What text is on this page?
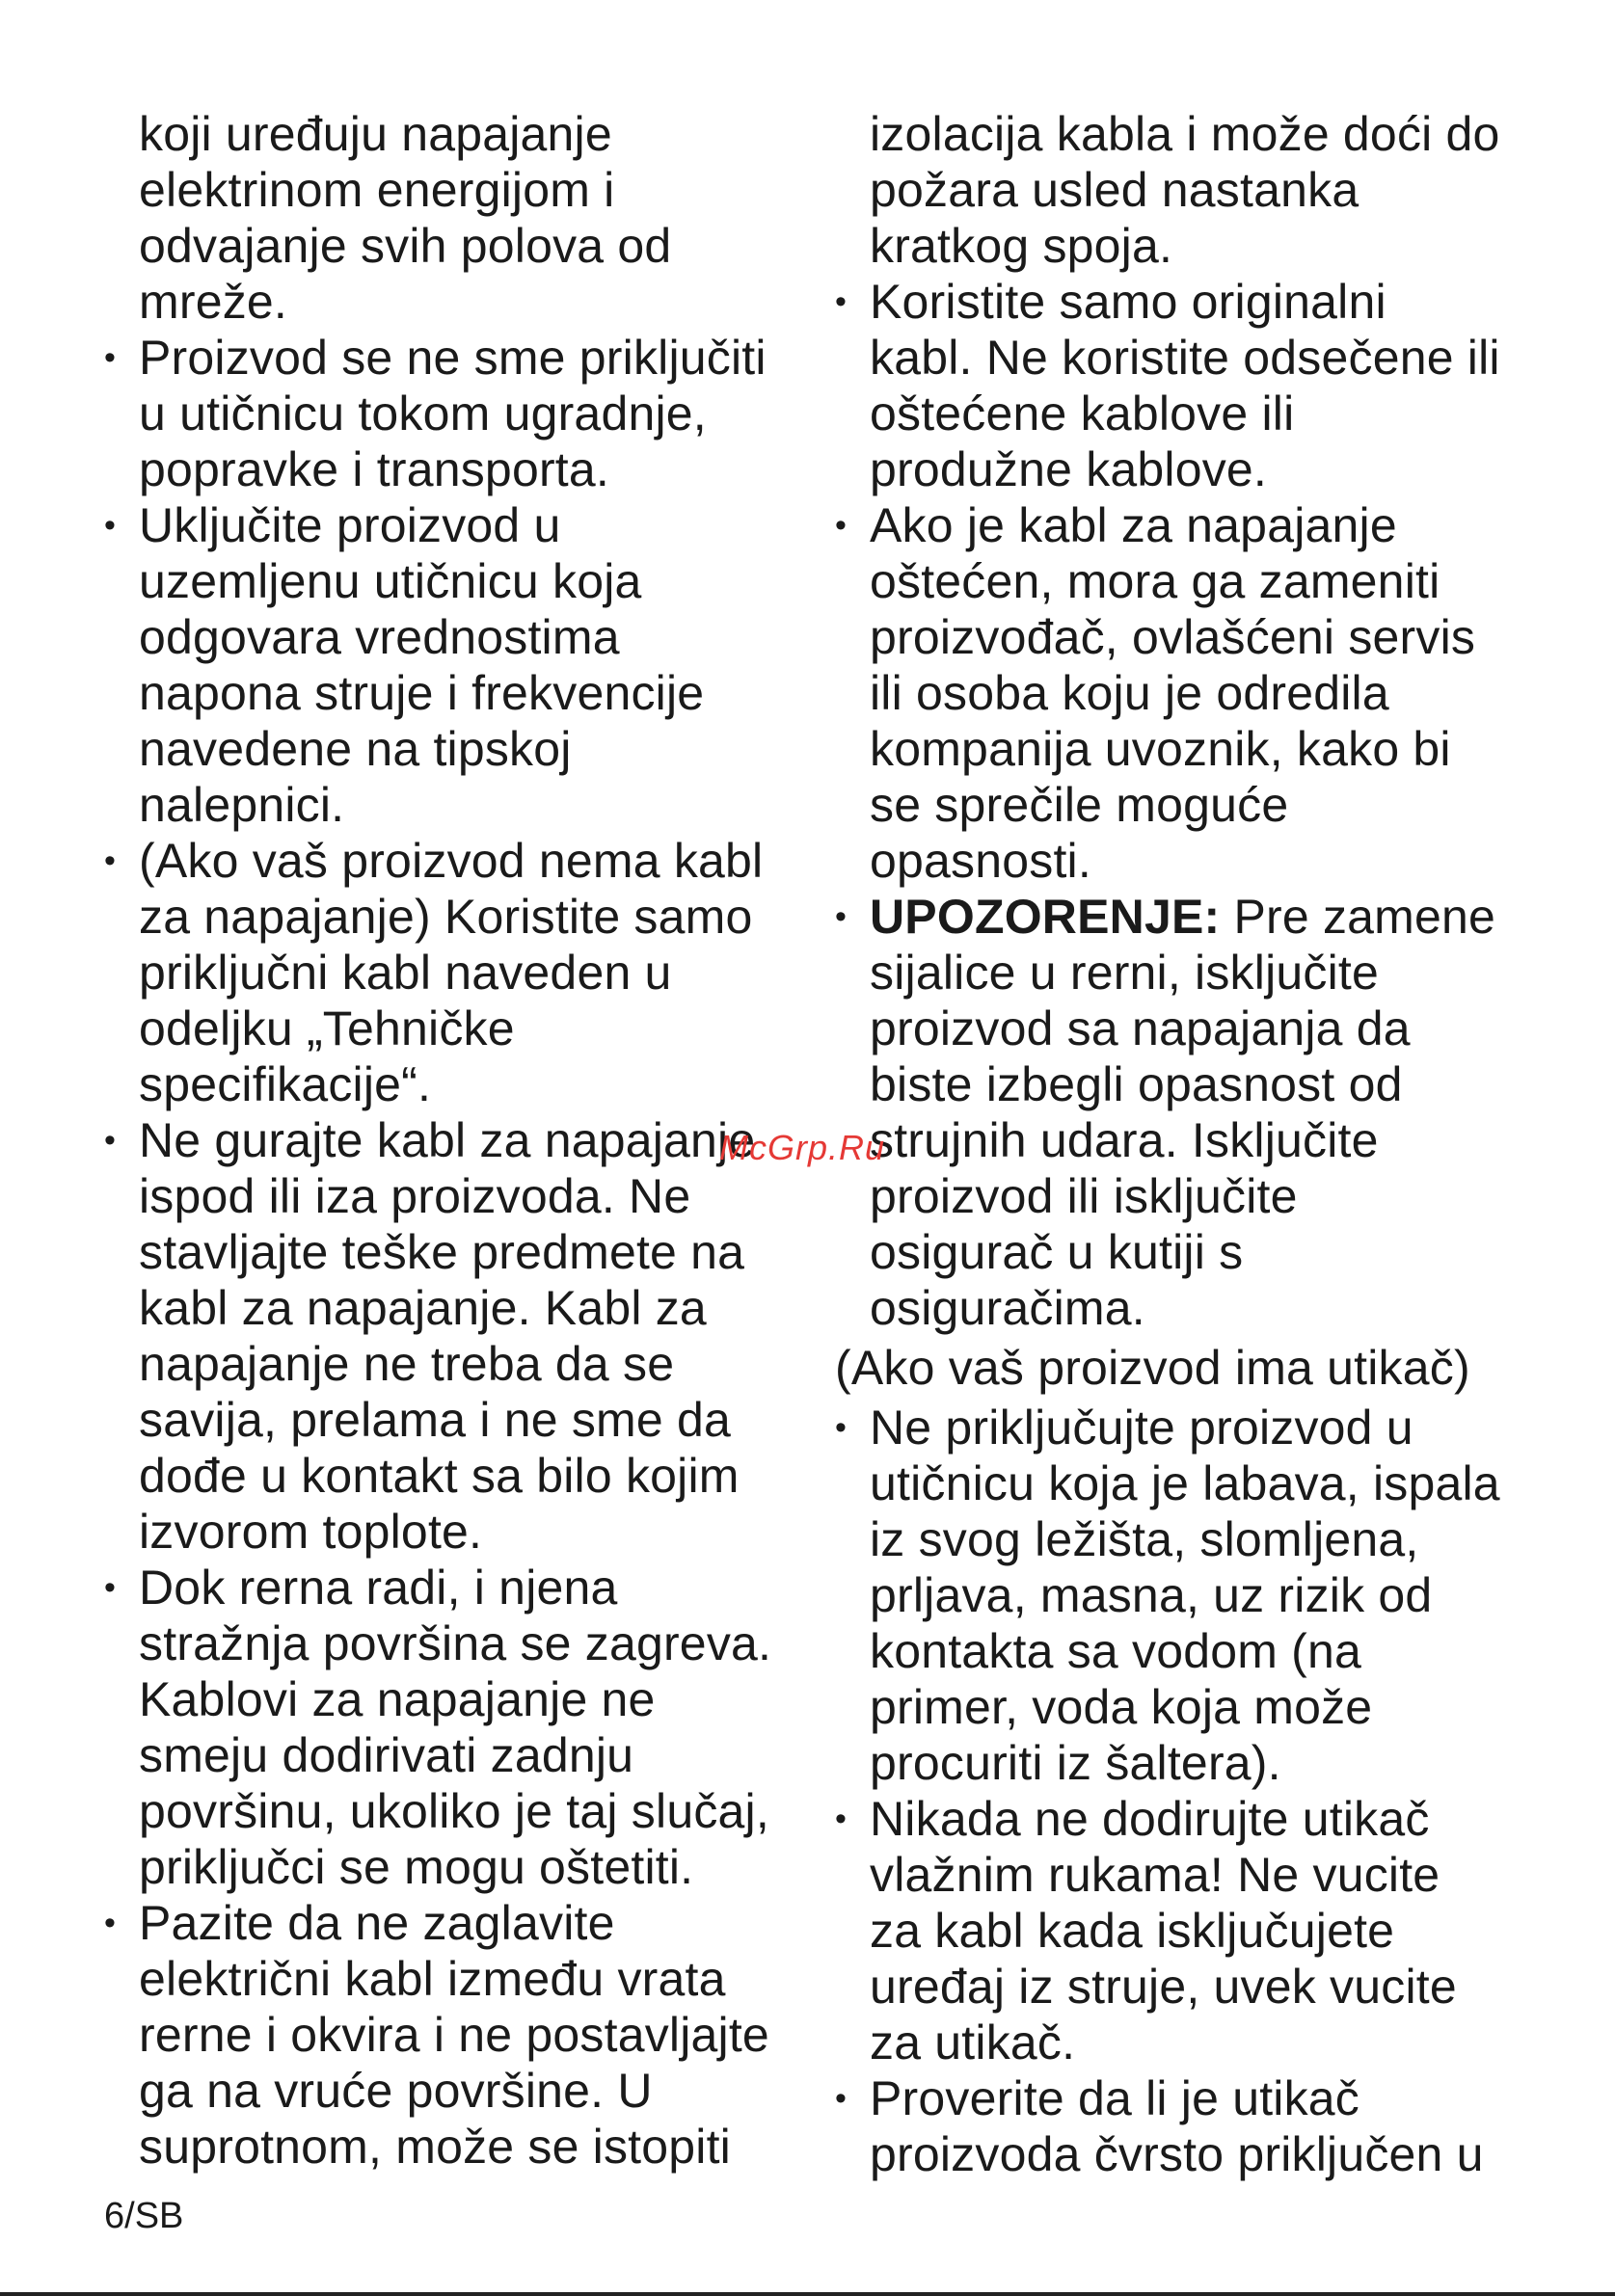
koji uređuju napajanje
elektrinom energijom i
odvajanje svih polova od
mreže.
• Proizvod se ne sme priključiti
u utičnicu tokom ugradnje,
popravke i transporta.
• Uključite proizvod u
uzemljenu utičnicu koja
odgovara vrednostima
napona struje i frekvencije
navedene na tipskoj
nalepnici.
• (Ako vaš proizvod nema kabl
za napajanje) Koristite samo
priključni kabl naveden u
odeljku „Tehničke
specifikacije“.
• Ne gurajte kabl za napajanje
ispod ili iza proizvoda. Ne
stavljajte teške predmete na
kabl za napajanje. Kabl za
napajanje ne treba da se
savija, prelama i ne sme da
dođe u kontakt sa bilo kojim
izvorom toplote.
• Dok rerna radi, i njena
stražnja površina se zagreva.
Kablovi za napajanje ne
smeju dodirivati zadnju
površinu, ukoliko je taj slučaj,
priključci se mogu oštetiti.
• Pazite da ne zaglavite
električni kabl između vrata
rerne i okvira i ne postavljajte
ga na vruće površine. U
suprotnom, može se istopiti
izolacija kabla i može doći do
požara usled nastanka
kratkog spoja.
• Koristite samo originalni
kabl. Ne koristite odsečene ili
oštećene kablove ili
produžne kablove.
• Ako je kabl za napajanje
oštećen, mora ga zameniti
proizvođač, ovlašćeni servis
ili osoba koju je odredila
kompanija uvoznik, kako bi
se sprečile moguće
opasnosti.
• UPOZORENJE: Pre zamene
sijalice u rerni, isključite
proizvod sa napajanja da
biste izbegli opasnost od
strujnih udara. Isključite
proizvod ili isključite
osigurač u kutiji s
osiguračima.
(Ako vaš proizvod ima utikač)
• Ne priključujte proizvod u
utičnicu koja je labava, ispala
iz svog ležišta, slomljena,
prljava, masna, uz rizik od
kontakta sa vodom (na
primer, voda koja može
procuriti iz šaltera).
• Nikada ne dodirujte utikač
vlažnim rukama! Ne vucite
za kabl kada isključujete
uređaj iz struje, uvek vucite
za utikač.
• Proverite da li je utikač
proizvoda čvrsto priključen u
McGrp.Ru
6/SB
